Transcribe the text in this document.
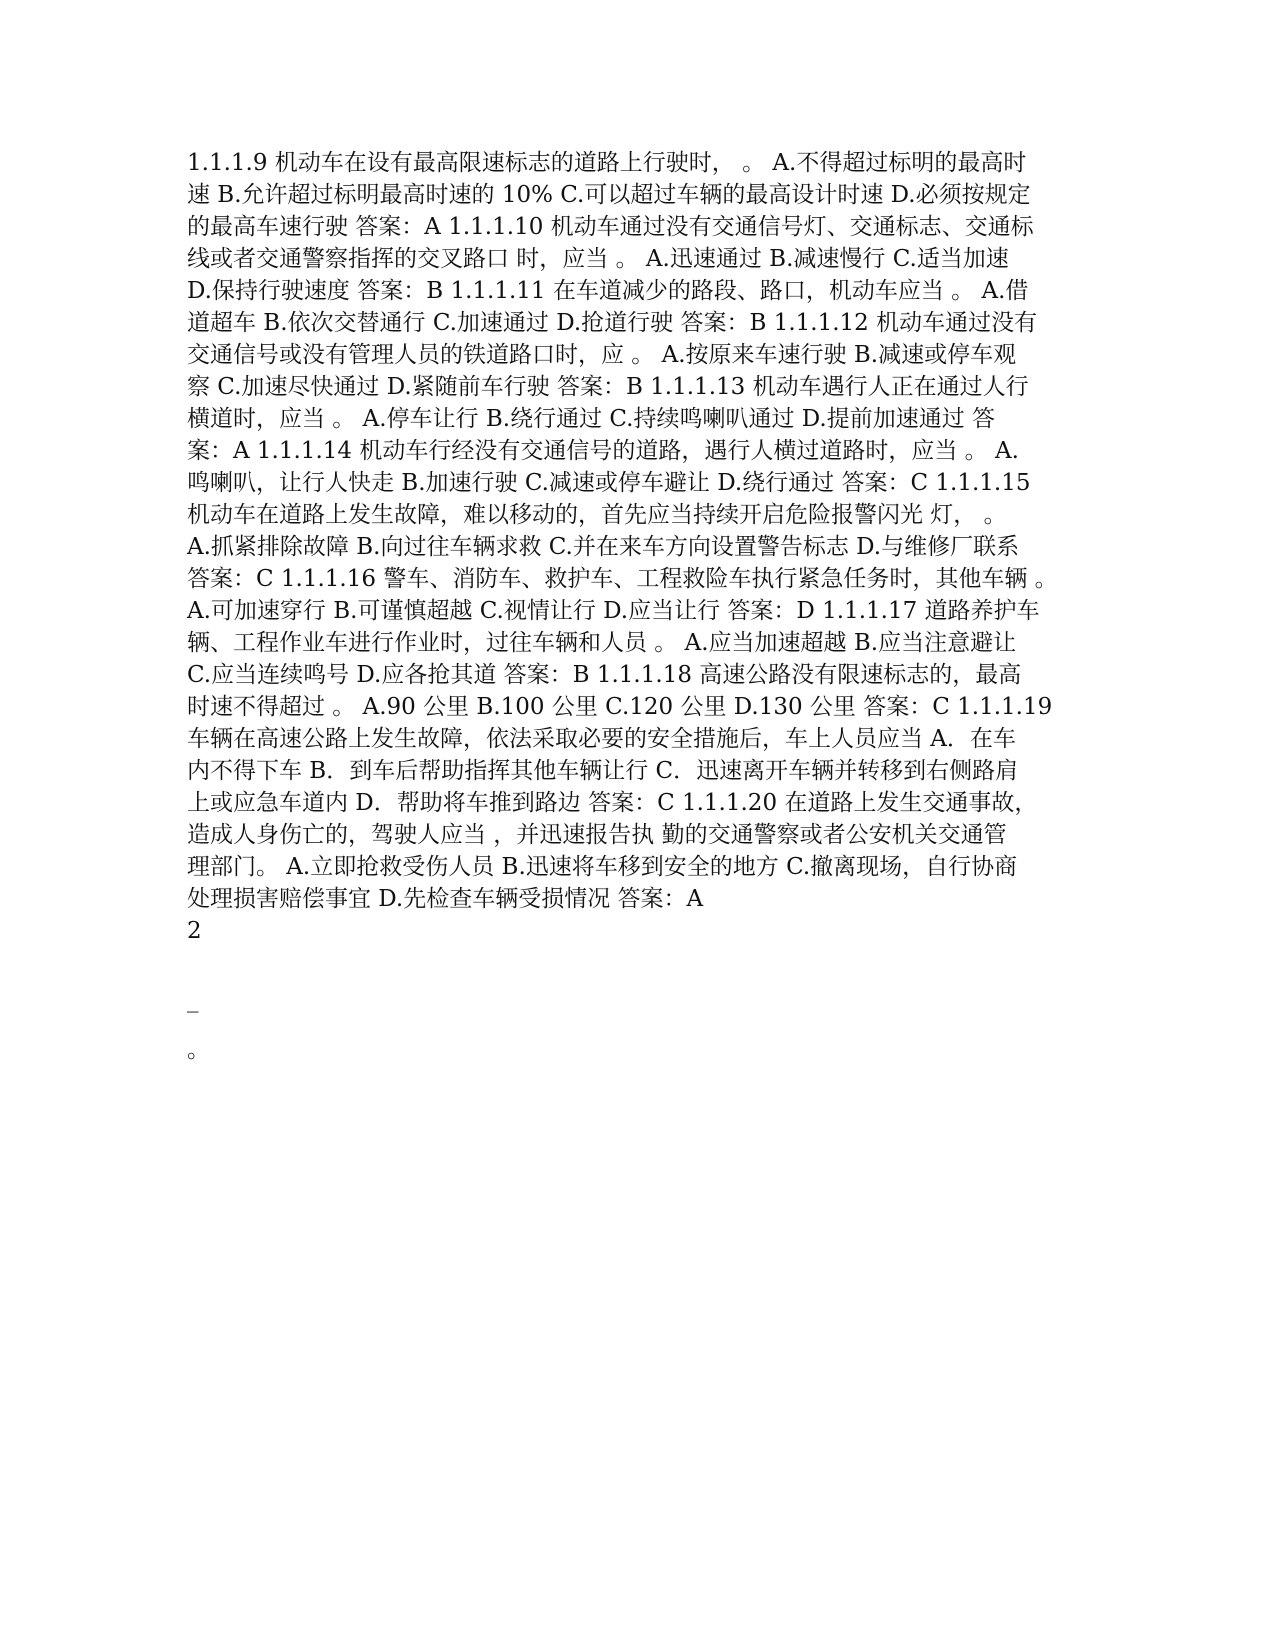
1.1.1.9 机动车在设有最高限速标志的道路上行驶时， 。 A.不得超过标明的最高时
速 B.允许超过标明最高时速的 10% C.可以超过车辆的最高设计时速 D.必须按规定
的最高车速行驶 答案：A 1.1.1.10 机动车通过没有交通信号灯、交通标志、交通标
线或者交通警察指挥的交叉路口 时，应当 。 A.迅速通过 B.减速慢行 C.适当加速
D.保持行驶速度 答案：B 1.1.1.11 在车道减少的路段、路口，机动车应当 。 A.借
道超车 B.依次交替通行 C.加速通过 D.抢道行驶 答案：B 1.1.1.12 机动车通过没有
交通信号或没有管理人员的铁道路口时，应 。 A.按原来车速行驶 B.减速或停车观
察 C.加速尽快通过 D.紧随前车行驶 答案：B 1.1.1.13 机动车遇行人正在通过人行
横道时，应当 。 A.停车让行 B.绕行通过 C.持续鸣喇叭通过 D.提前加速通过 答
案：A 1.1.1.14 机动车行经没有交通信号的道路，遇行人横过道路时，应当 。 A.
鸣喇叭，让行人快走 B.加速行驶 C.减速或停车避让 D.绕行通过 答案：C 1.1.1.15
机动车在道路上发生故障，难以移动的，首先应当持续开启危险报警闪光 灯， 。
A.抓紧排除故障 B.向过往车辆求救 C.并在来车方向设置警告标志 D.与维修厂联系
答案：C 1.1.1.16 警车、消防车、救护车、工程救险车执行紧急任务时，其他车辆 。
A.可加速穿行 B.可谨慎超越 C.视情让行 D.应当让行 答案：D 1.1.1.17 道路养护车
辆、工程作业车进行作业时，过往车辆和人员 。 A.应当加速超越 B.应当注意避让
C.应当连续鸣号 D.应各抢其道 答案：B 1.1.1.18 高速公路没有限速标志的，最高
时速不得超过 。 A.90 公里 B.100 公里 C.120 公里 D.130 公里 答案：C 1.1.1.19
车辆在高速公路上发生故障，依法采取必要的安全措施后，车上人员应当 A．在车
内不得下车 B．到车后帮助指挥其他车辆让行 C．迅速离开车辆并转移到右侧路肩
上或应急车道内 D．帮助将车推到路边 答案：C 1.1.1.20 在道路上发生交通事故，
造成人身伤亡的，驾驶人应当 ，并迅速报告执 勤的交通警察或者公安机关交通管
理部门。 A.立即抢救受伤人员 B.迅速将车移到安全的地方 C.撤离现场，自行协商
处理损害赔偿事宜 D.先检查车辆受损情况 答案：A
2
_
。
